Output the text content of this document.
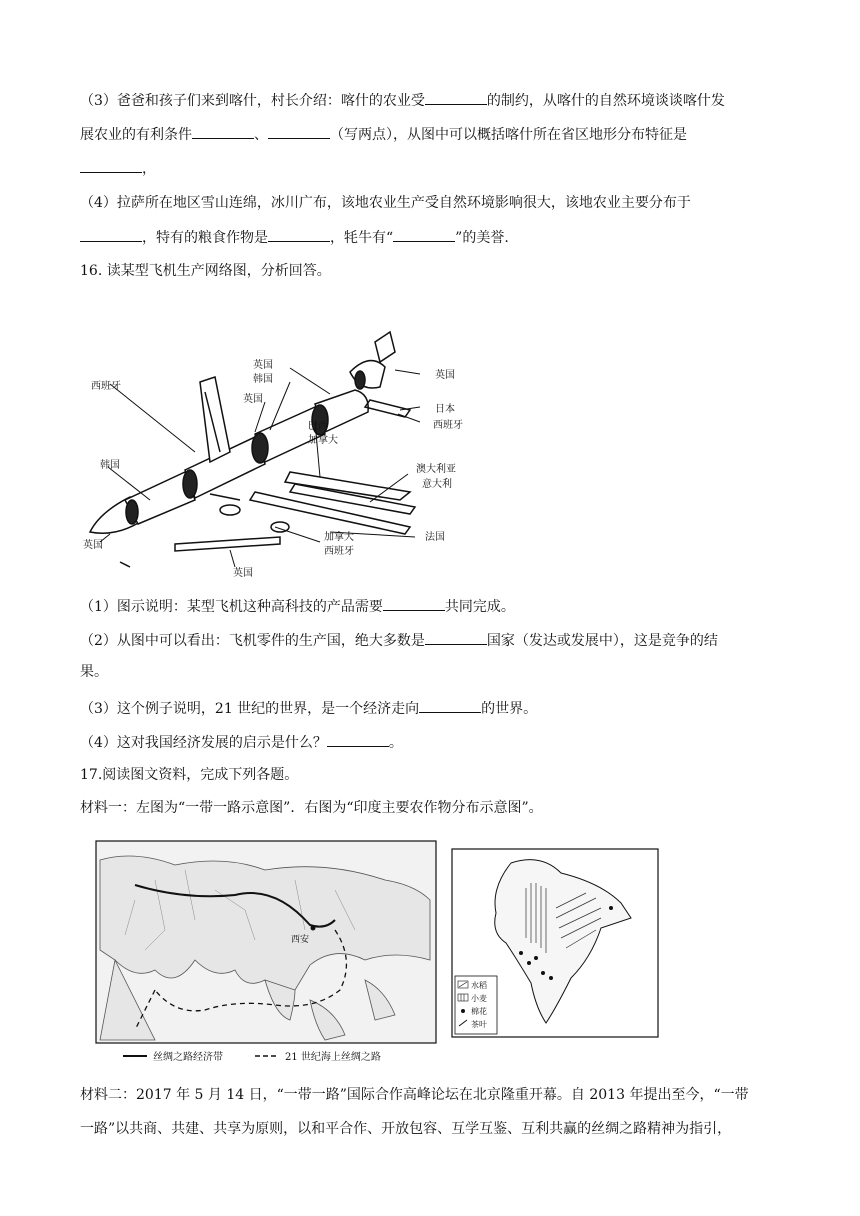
（3）爸爸和孩子们来到喀什，村长介绍：喀什的农业受	的制约，从喀什的自然环境谈谈喀什发
展农业的有利条件	、	（写两点），从图中可以概括喀什所在省区地形分布特征是
，
（4）拉萨所在地区雪山连绵，冰川广布，该地农业生产受自然环境影响很大，该地农业主要分布于
，特有的粮食作物是	，牦牛有“	”的美誉.
16. 读某型飞机生产网络图，分析回答。
西班牙
英国
韩国
英国
韩国
英国
英国
日本
西班牙
巴西
加拿大
澳大利亚
意大利
法国
加拿大
西班牙
英国
（1）图示说明：某型飞机这种高科技的产品需要	共同完成。
（2）从图中可以看出：飞机零件的生产国，绝大多数是	国家（发达或发展中），这是竞争的结
果。
（3）这个例子说明，21 世纪的世界，是一个经济走向	的世界。
（4）这对我国经济发展的启示是什么？	。
17.阅读图文资料，完成下列各题。
材料一：左图为“一带一路示意图”．右图为“印度主要农作物分布示意图”。
西安
丝绸之路经济带	21 世纪海上丝绸之路
水稻
小麦
棉花
茶叶
材料二：2017 年 5 月 14 日，“一带一路”国际合作高峰论坛在北京隆重开幕。自 2013 年提出至今，“一带
一路”以共商、共建、共享为原则，以和平合作、开放包容、互学互鉴、互利共赢的丝绸之路精神为指引，
